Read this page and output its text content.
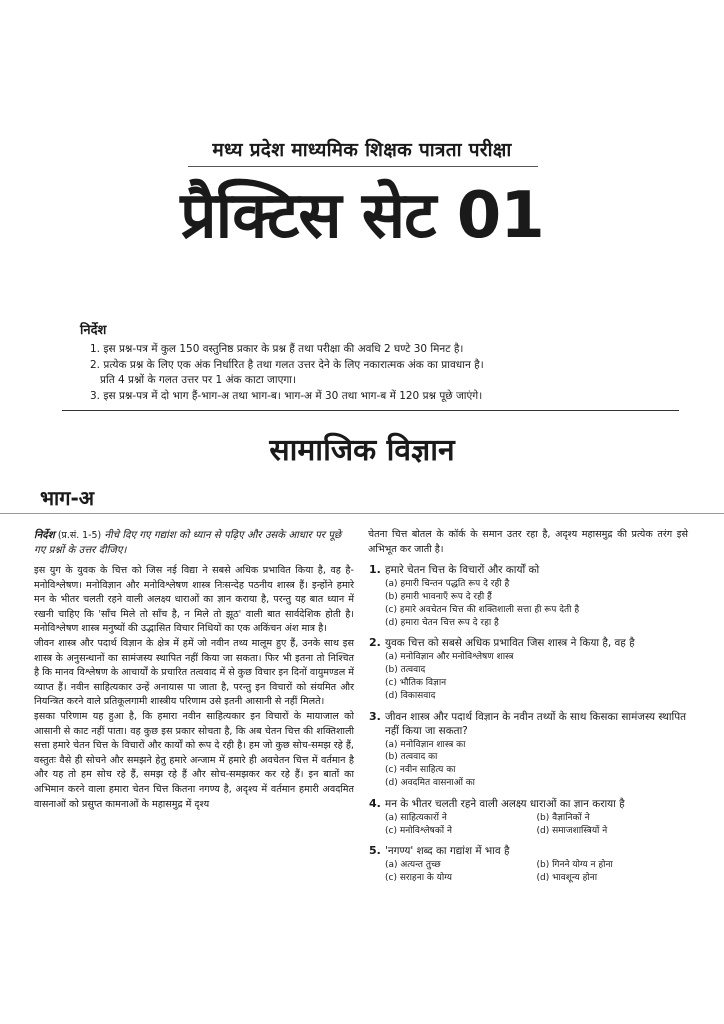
मध्य प्रदेश माध्यमिक शिक्षक पात्रता परीक्षा
प्रैक्टिस सेट 01
निर्देश
1. इस प्रश्न-पत्र में कुल 150 वस्तुनिष्ठ प्रकार के प्रश्न हैं तथा परीक्षा की अवधि 2 घण्टे 30 मिनट है।
2. प्रत्येक प्रश्न के लिए एक अंक निर्धारित है तथा गलत उत्तर देने के लिए नकारात्मक अंक का प्रावधान है।
प्रति 4 प्रश्नों के गलत उत्तर पर 1 अंक काटा जाएगा।
3. इस प्रश्न-पत्र में दो भाग हैं-भाग-अ तथा भाग-ब। भाग-अ में 30 तथा भाग-ब में 120 प्रश्न पूछे जाएंगे।
सामाजिक विज्ञान
भाग-अ
निर्देश (प्र.सं. 1-5) नीचे दिए गए गद्यांश को ध्यान से पढ़िए और उसके आधार पर पूछे गए प्रश्नों के उत्तर दीजिए।

इस युग के युवक के चित्त को जिस नई विद्या ने सबसे अधिक प्रभावित किया है, वह है-मनोविश्लेषण। मनोविज्ञान और मनोविश्लेषण शास्त्र निःसन्देह पठनीय शास्त्र हैं। इन्होंने हमारे मन के भीतर चलती रहने वाली अलक्ष्य धाराओं का ज्ञान कराया है, परन्तु यह बात ध्यान में रखनी चाहिए कि 'साँच मिले तो साँच है, न मिले तो झूठ' वाली बात सार्वदेशिक होती है। मनोविश्लेषण शास्त्र मनुष्यों की उद्भासित विचार निधियों का एक अकिंचन अंश मात्र है।

जीवन शास्त्र और पदार्थ विज्ञान के क्षेत्र में हमें जो नवीन तथ्य मालूम हुए हैं, उनके साथ इस शास्त्र के अनुसन्धानों का सामंजस्य स्थापित नहीं किया जा सकता। फिर भी इतना तो निश्चित है कि मानव विश्लेषण के आचार्यों के प्रचारित तत्ववाद में से कुछ विचार इन दिनों वायुमण्डल में व्याप्त हैं। नवीन साहित्यकार उन्हें अनायास पा जाता है, परन्तु इन विचारों को संयमित और नियन्त्रित करने वाले प्रतिकूलगामी शास्त्रीय परिणाम उसे इतनी आसानी से नहीं मिलते।

इसका परिणाम यह हुआ है, कि हमारा नवीन साहित्यकार इन विचारों के मायाजाल को आसानी से काट नहीं पाता। वह कुछ इस प्रकार सोचता है, कि अब चेतन चित्त की शक्तिशाली सत्ता हमारे चेतन चित्त के विचारों और कार्यों को रूप दे रही है। हम जो कुछ सोच-समझ रहे हैं, वस्तुतः वैसे ही सोचने और समझने हेतु हमारे अन्जाम में हमारे ही अवचेतन चित्त में वर्तमान है और यह तो हम सोच रहे हैं, समझ रहे हैं और सोच-समझकर कर रहे हैं। इन बातों का अभिमान करने वाला हमारा चेतन चित्त कितना नगण्य है, अदृश्य में वर्तमान हमारी अवदमित वासनाओं को प्रसुप्त कामनाओं के महासमुद्र में दृश्य

चेतना चित्त बोतल के कॉर्क के समान उतर रहा है, अदृश्य महासमुद्र की प्रत्येक तरंग इसे अभिभूत कर जाती है।

1. हमारे चेतन चित्त के विचारों और कार्यों को
(a) हमारी चिन्तन पद्धति रूप दे रही है
(b) हमारी भावनाएँ रूप दे रही हैं
(c) हमारे अवचेतन चित्त की शक्तिशाली सत्ता ही रूप देती है
(d) हमारा चेतन चित्त रूप दे रहा है
2. युवक चित्त को सबसे अधिक प्रभावित जिस शास्त्र ने किया है, वह है
(a) मनोविज्ञान और मनोविश्लेषण शास्त्र
(b) तत्ववाद
(c) भौतिक विज्ञान
(d) विकासवाद
3. जीवन शास्त्र और पदार्थ विज्ञान के नवीन तथ्यों के साथ किसका सामंजस्य स्थापित नहीं किया जा सकता?
(a) मनोविज्ञान शास्त्र का
(b) तत्ववाद का
(c) नवीन साहित्य का
(d) अवदमित वासनाओं का
4. मन के भीतर चलती रहने वाली अलक्ष्य धाराओं का ज्ञान कराया है
(a) साहित्यकारों ने	(b) वैज्ञानिकों ने
(c) मनोविश्लेषकों ने	(d) समाजशास्त्रियों ने
5. 'नगण्य' शब्द का गद्यांश में भाव है
(a) अत्यन्त तुच्छ	(b) गिनने योग्य न होना
(c) सराहना के योग्य	(d) भावशून्य होना
